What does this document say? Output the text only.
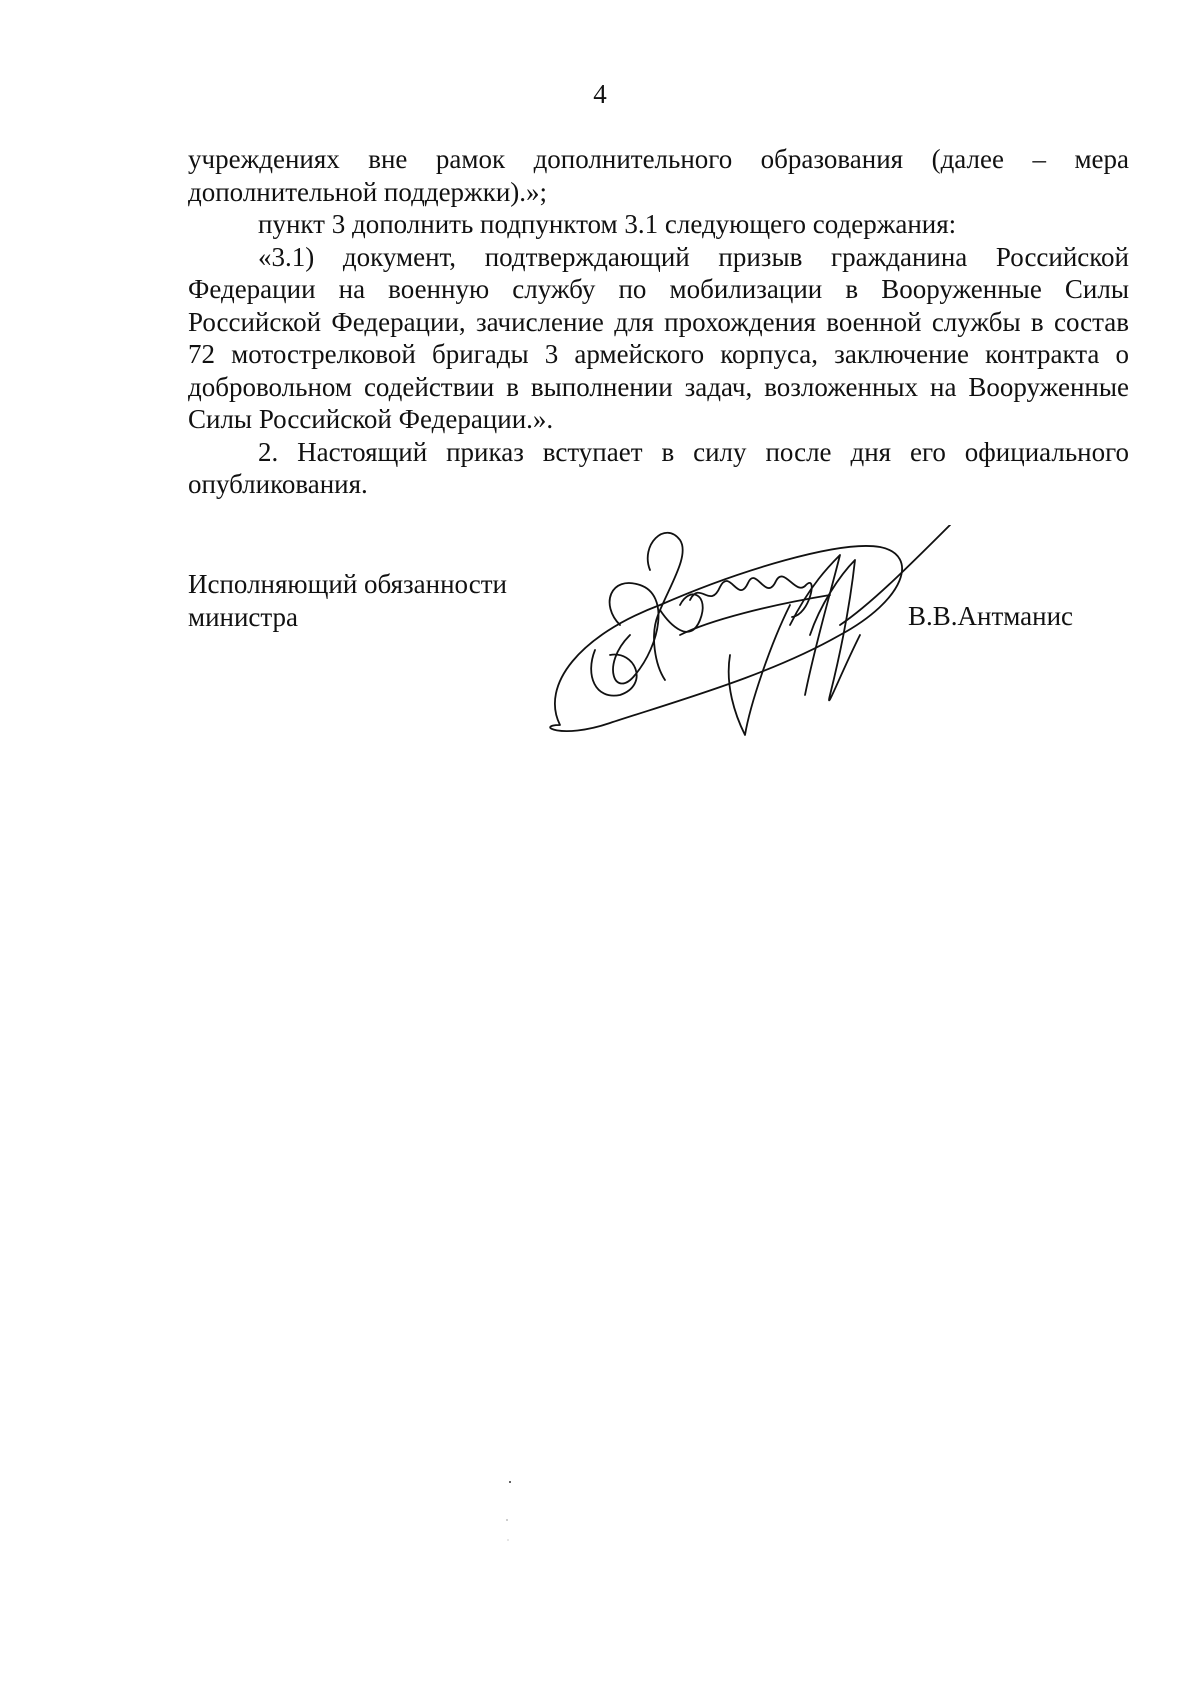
4

учреждениях вне рамок дополнительного образования (далее – мера дополнительной поддержки).»;

пункт 3 дополнить подпунктом 3.1 следующего содержания:

«3.1) документ, подтверждающий призыв гражданина Российской Федерации на военную службу по мобилизации в Вооруженные Силы Российской Федерации, зачисление для прохождения военной службы в состав 72 мотострелковой бригады 3 армейского корпуса, заключение контракта о добровольном содействии в выполнении задач, возложенных на Вооруженные Силы Российской Федерации.».

2. Настоящий приказ вступает в силу после дня его официального опубликования.

Исполняющий обязанности
министра	В.В.Антманис
